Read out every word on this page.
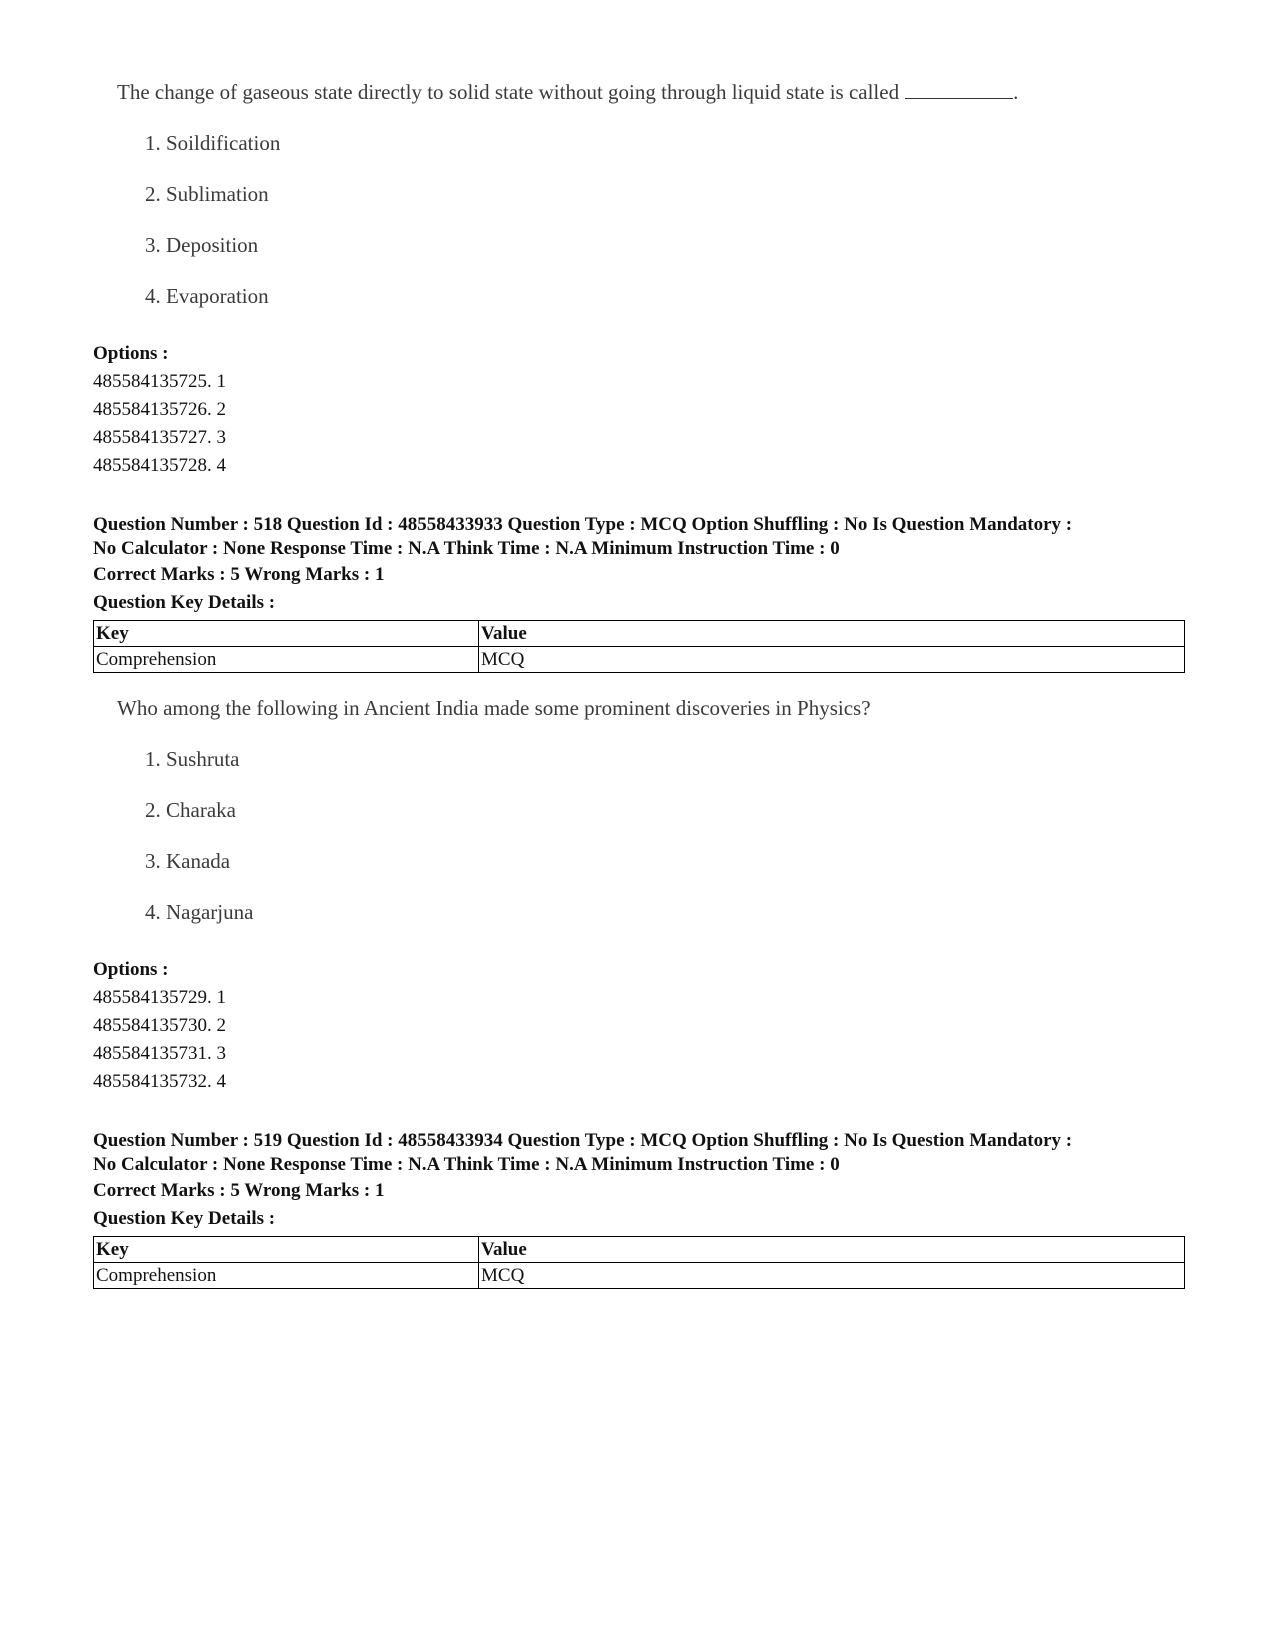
The change of gaseous state directly to solid state without going through liquid state is called	.
1. Soildification
2. Sublimation
3. Deposition
4. Evaporation
Options :
485584135725. 1
485584135726. 2
485584135727. 3
485584135728. 4
Question Number : 518 Question Id : 48558433933 Question Type : MCQ Option Shuffling : No Is Question Mandatory :
No Calculator : None Response Time : N.A Think Time : N.A Minimum Instruction Time : 0
Correct Marks : 5 Wrong Marks : 1
Question Key Details :
Key	Value
Comprehension	MCQ
Who among the following in Ancient India made some prominent discoveries in Physics?
1. Sushruta
2. Charaka
3. Kanada
4. Nagarjuna
Options :
485584135729. 1
485584135730. 2
485584135731. 3
485584135732. 4
Question Number : 519 Question Id : 48558433934 Question Type : MCQ Option Shuffling : No Is Question Mandatory :
No Calculator : None Response Time : N.A Think Time : N.A Minimum Instruction Time : 0
Correct Marks : 5 Wrong Marks : 1
Question Key Details :
Key	Value
Comprehension	MCQ
